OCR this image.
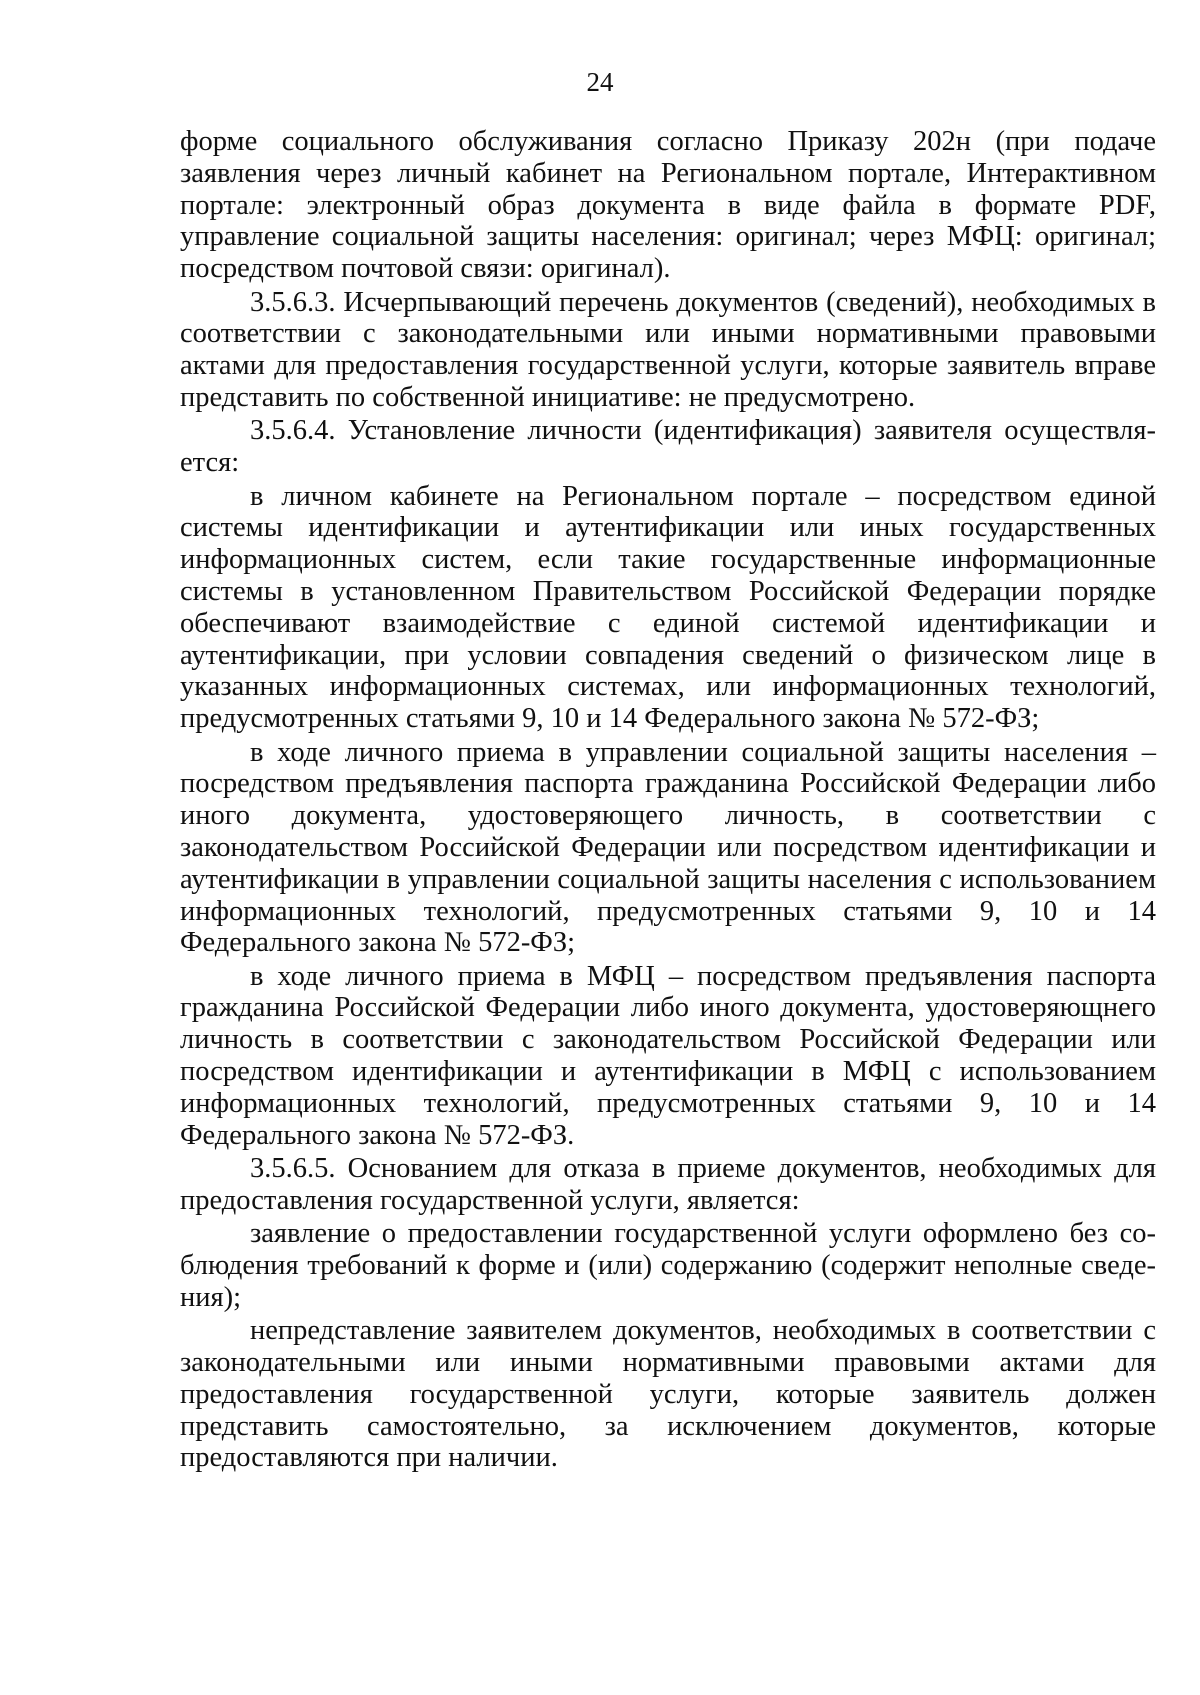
24

форме социального обслуживания согласно Приказу 202н (при подаче заявления через личный кабинет на Региональном портале, Интерактивном портале: электронный образ документа в виде файла в формате PDF, управление социальной защиты населения: оригинал; через МФЦ: оригинал; посредством почтовой связи: оригинал).

3.5.6.3. Исчерпывающий перечень документов (сведений), необходимых в соответствии с законодательными или иными нормативными правовыми актами для предоставления государственной услуги, которые заявитель вправе представить по собственной инициативе: не предусмотрено.

3.5.6.4. Установление личности (идентификация) заявителя осуществляется:

в личном кабинете на Региональном портале – посредством единой системы идентификации и аутентификации или иных государственных информационных систем, если такие государственные информационные системы в установленном Правительством Российской Федерации порядке обеспечивают взаимодействие с единой системой идентификации и аутентификации, при условии совпадения сведений о физическом лице в указанных информационных системах, или информационных технологий, предусмотренных статьями 9, 10 и 14 Федерального закона № 572-ФЗ;

в ходе личного приема в управлении социальной защиты населения – посредством предъявления паспорта гражданина Российской Федерации либо иного документа, удостоверяющего личность, в соответствии с законодательством Российской Федерации или посредством идентификации и аутентификации в управлении социальной защиты населения с использованием информационных технологий, предусмотренных статьями 9, 10 и 14 Федерального закона № 572-ФЗ;

в ходе личного приема в МФЦ – посредством предъявления паспорта гражданина Российской Федерации либо иного документа, удостоверяющнего личность в соответствии с законодательством Российской Федерации или посредством идентификации и аутентификации в МФЦ с использованием информационных технологий, предусмотренных статьями 9, 10 и 14 Федерального закона № 572-ФЗ.

3.5.6.5. Основанием для отказа в приеме документов, необходимых для предоставления государственной услуги, является:

заявление о предоставлении государственной услуги оформлено без соблюдения требований к форме и (или) содержанию (содержит неполные сведения);

непредставление заявителем документов, необходимых в соответствии с законодательными или иными нормативными правовыми актами для предоставления государственной услуги, которые заявитель должен представить самостоятельно, за исключением документов, которые предоставляются при наличии.
